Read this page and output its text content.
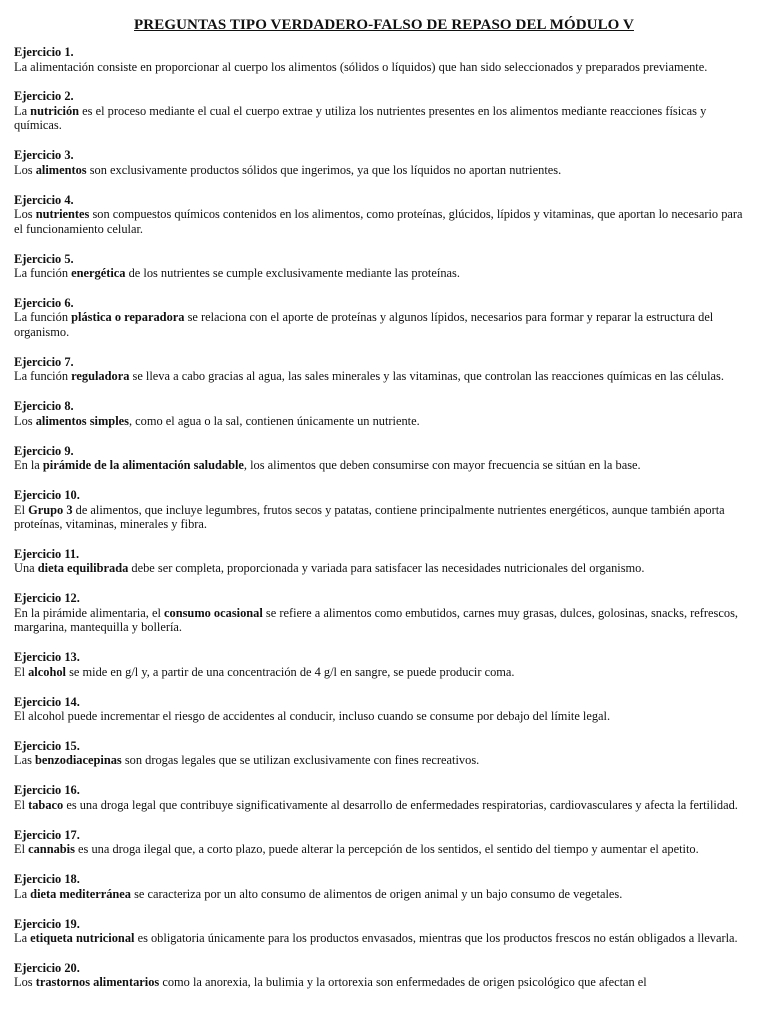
PREGUNTAS TIPO VERDADERO-FALSO DE REPASO DEL MÓDULO V
Ejercicio 1.
La alimentación consiste en proporcionar al cuerpo los alimentos (sólidos o líquidos) que han sido seleccionados y preparados previamente.
Ejercicio 2.
La nutrición es el proceso mediante el cual el cuerpo extrae y utiliza los nutrientes presentes en los alimentos mediante reacciones físicas y químicas.
Ejercicio 3.
Los alimentos son exclusivamente productos sólidos que ingerimos, ya que los líquidos no aportan nutrientes.
Ejercicio 4.
Los nutrientes son compuestos químicos contenidos en los alimentos, como proteínas, glúcidos, lípidos y vitaminas, que aportan lo necesario para el funcionamiento celular.
Ejercicio 5.
La función energética de los nutrientes se cumple exclusivamente mediante las proteínas.
Ejercicio 6.
La función plástica o reparadora se relaciona con el aporte de proteínas y algunos lípidos, necesarios para formar y reparar la estructura del organismo.
Ejercicio 7.
La función reguladora se lleva a cabo gracias al agua, las sales minerales y las vitaminas, que controlan las reacciones químicas en las células.
Ejercicio 8.
Los alimentos simples, como el agua o la sal, contienen únicamente un nutriente.
Ejercicio 9.
En la pirámide de la alimentación saludable, los alimentos que deben consumirse con mayor frecuencia se sitúan en la base.
Ejercicio 10.
El Grupo 3 de alimentos, que incluye legumbres, frutos secos y patatas, contiene principalmente nutrientes energéticos, aunque también aporta proteínas, vitaminas, minerales y fibra.
Ejercicio 11.
Una dieta equilibrada debe ser completa, proporcionada y variada para satisfacer las necesidades nutricionales del organismo.
Ejercicio 12.
En la pirámide alimentaria, el consumo ocasional se refiere a alimentos como embutidos, carnes muy grasas, dulces, golosinas, snacks, refrescos, margarina, mantequilla y bollería.
Ejercicio 13.
El alcohol se mide en g/l y, a partir de una concentración de 4 g/l en sangre, se puede producir coma.
Ejercicio 14.
El alcohol puede incrementar el riesgo de accidentes al conducir, incluso cuando se consume por debajo del límite legal.
Ejercicio 15.
Las benzodiacepinas son drogas legales que se utilizan exclusivamente con fines recreativos.
Ejercicio 16.
El tabaco es una droga legal que contribuye significativamente al desarrollo de enfermedades respiratorias, cardiovasculares y afecta la fertilidad.
Ejercicio 17.
El cannabis es una droga ilegal que, a corto plazo, puede alterar la percepción de los sentidos, el sentido del tiempo y aumentar el apetito.
Ejercicio 18.
La dieta mediterránea se caracteriza por un alto consumo de alimentos de origen animal y un bajo consumo de vegetales.
Ejercicio 19.
La etiqueta nutricional es obligatoria únicamente para los productos envasados, mientras que los productos frescos no están obligados a llevarla.
Ejercicio 20.
Los trastornos alimentarios como la anorexia, la bulimia y la ortorexia son enfermedades de origen psicológico que afectan el
